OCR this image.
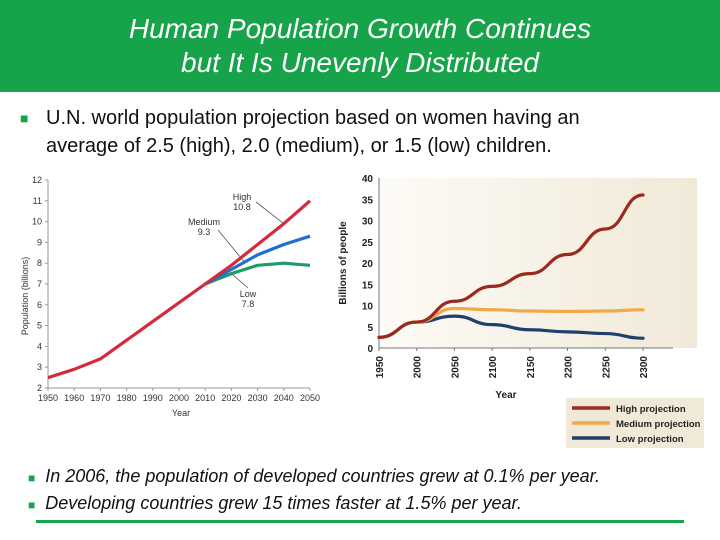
Human Population Growth Continues
but It Is Unevenly Distributed
■ U.N. world population projection based on women having an
average of 2.5 (high), 2.0 (medium), or 1.5 (low) children.
2
3
4
5
6
7
8
9
10
11
12
1950 1960 1970 1980 1990 2000 2010 2020 2030 2040 2050
High
10.8
Medium
9.3
Low
7.8
Population (billions)
Year
0
5
10
15
20
25
30
35
40
1950	2000	2050	2100	2150	2200	2250	2300
Billions of people
Year
High projection
Medium projection
Low projection
■ In 2006, the population of developed countries grew at 0.1% per year.
■ Developing countries grew 15 times faster at 1.5% per year.
